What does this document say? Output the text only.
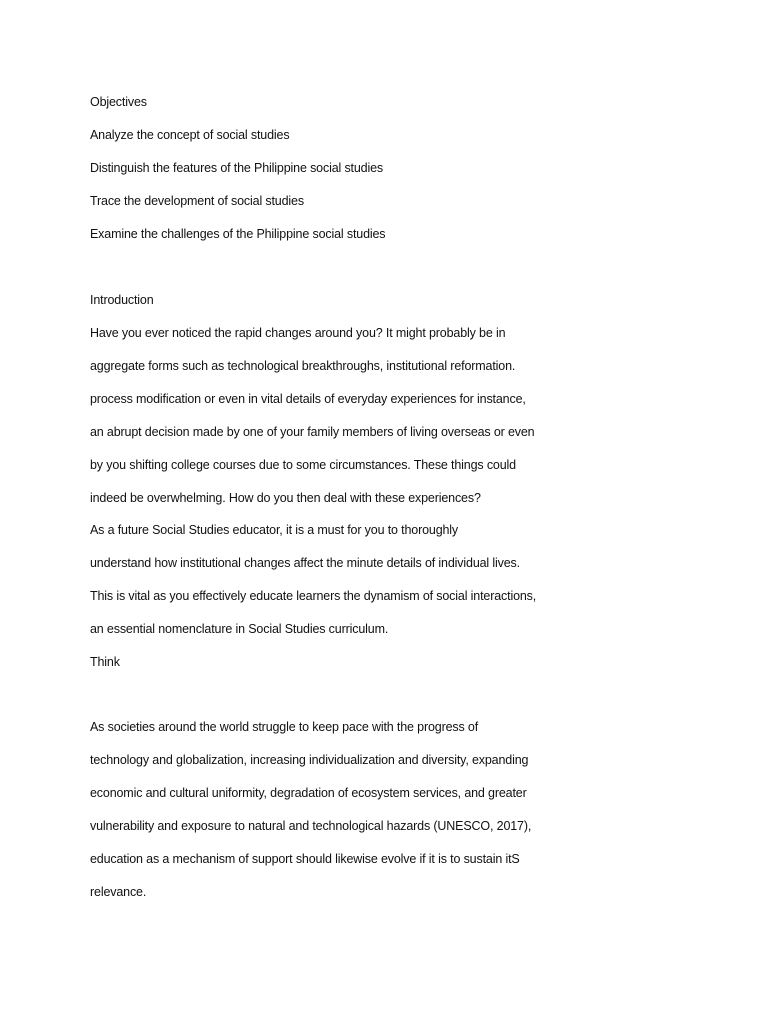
Objectives
Analyze the concept of social studies
Distinguish the features of the Philippine social studies
Trace the development of social studies
Examine the challenges of the Philippine social studies
Introduction
Have you ever noticed the rapid changes around you? It might probably be in
aggregate forms such as technological breakthroughs, institutional reformation.
process modification or even in vital details of everyday experiences for instance,
an abrupt decision made by one of your family members of living overseas or even
by you shifting college courses due to some circumstances. These things could
indeed be overwhelming. How do you then deal with these experiences?
As a future Social Studies educator, it is a must for you to thoroughly
understand how institutional changes affect the minute details of individual lives.
This is vital as you effectively educate learners the dynamism of social interactions,
an essential nomenclature in Social Studies curriculum.
Think
As societies around the world struggle to keep pace with the progress of
technology and globalization, increasing individualization and diversity, expanding
economic and cultural uniformity, degradation of ecosystem services, and greater
vulnerability and exposure to natural and technological hazards (UNESCO, 2017),
education as a mechanism of support should likewise evolve if it is to sustain itS
relevance.
